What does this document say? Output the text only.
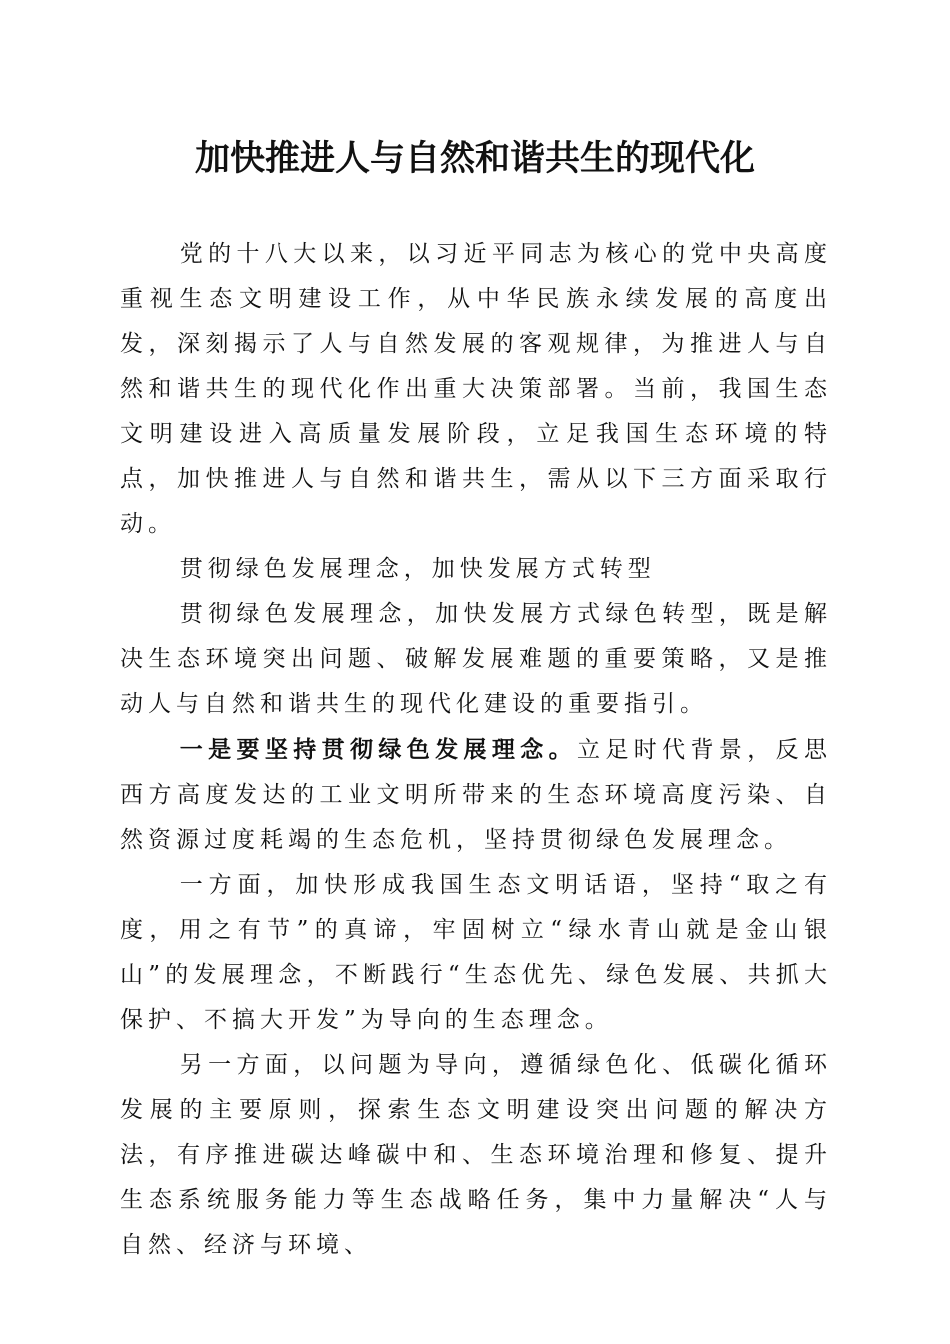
加快推进人与自然和谐共生的现代化

党的十八大以来，以习近平同志为核心的党中央高度重视生态文明建设工作，从中华民族永续发展的高度出发，深刻揭示了人与自然发展的客观规律，为推进人与自然和谐共生的现代化作出重大决策部署。当前，我国生态文明建设进入高质量发展阶段，立足我国生态环境的特点，加快推进人与自然和谐共生，需从以下三方面采取行动。

贯彻绿色发展理念，加快发展方式转型

贯彻绿色发展理念，加快发展方式绿色转型，既是解决生态环境突出问题、破解发展难题的重要策略，又是推动人与自然和谐共生的现代化建设的重要指引。

一是要坚持贯彻绿色发展理念。立足时代背景，反思西方高度发达的工业文明所带来的生态环境高度污染、自然资源过度耗竭的生态危机，坚持贯彻绿色发展理念。

一方面，加快形成我国生态文明话语，坚持“取之有度，用之有节”的真谛，牢固树立“绿水青山就是金山银山”的发展理念，不断践行“生态优先、绿色发展、共抓大保护、不搞大开发”为导向的生态理念。

另一方面，以问题为导向，遵循绿色化、低碳化循环发展的主要原则，探索生态文明建设突出问题的解决方法，有序推进碳达峰碳中和、生态环境治理和修复、提升生态系统服务能力等生态战略任务，集中力量解决“人与自然、经济与环境、
